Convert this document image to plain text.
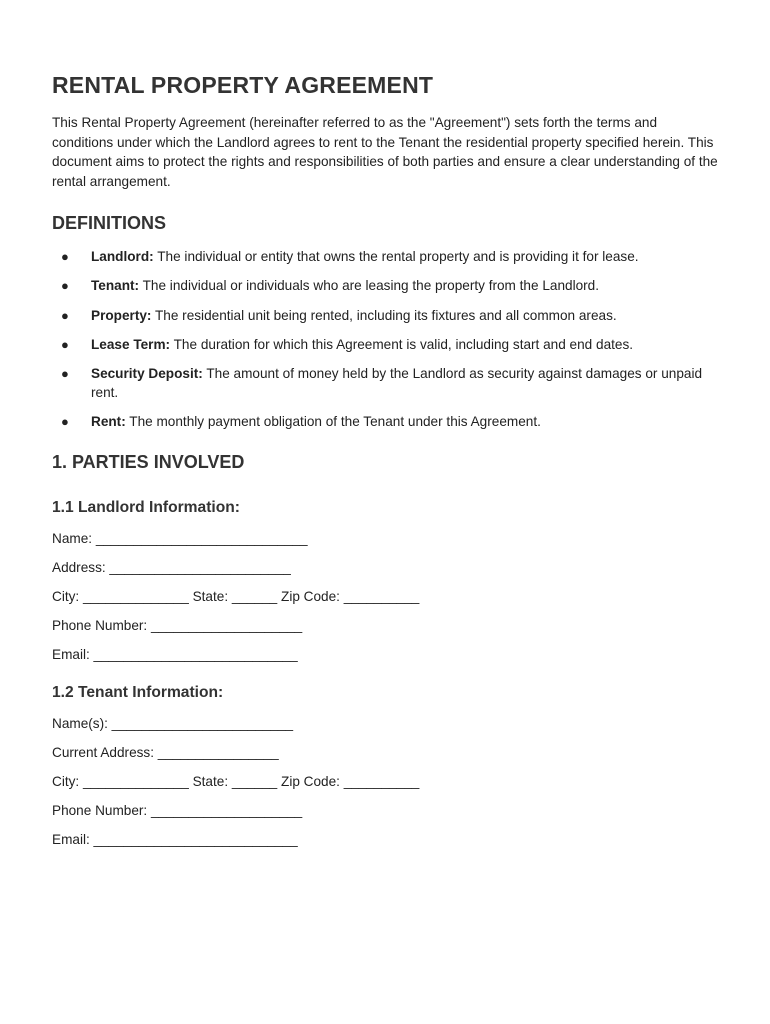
RENTAL PROPERTY AGREEMENT

This Rental Property Agreement (hereinafter referred to as the "Agreement") sets forth the terms and conditions under which the Landlord agrees to rent to the Tenant the residential property specified herein. This document aims to protect the rights and responsibilities of both parties and ensure a clear understanding of the rental arrangement.

DEFINITIONS
● Landlord: The individual or entity that owns the rental property and is providing it for lease.
● Tenant: The individual or individuals who are leasing the property from the Landlord.
● Property: The residential unit being rented, including its fixtures and all common areas.
● Lease Term: The duration for which this Agreement is valid, including start and end dates.
● Security Deposit: The amount of money held by the Landlord as security against damages or unpaid rent.
● Rent: The monthly payment obligation of the Tenant under this Agreement.
1. PARTIES INVOLVED
1.1 Landlord Information:
Name: ____________________________
Address: ________________________
City: ______________ State: ______ Zip Code: __________
Phone Number: ____________________
Email: ___________________________
1.2 Tenant Information:
Name(s): ________________________
Current Address: ________________
City: ______________ State: ______ Zip Code: __________
Phone Number: ____________________
Email: ___________________________
